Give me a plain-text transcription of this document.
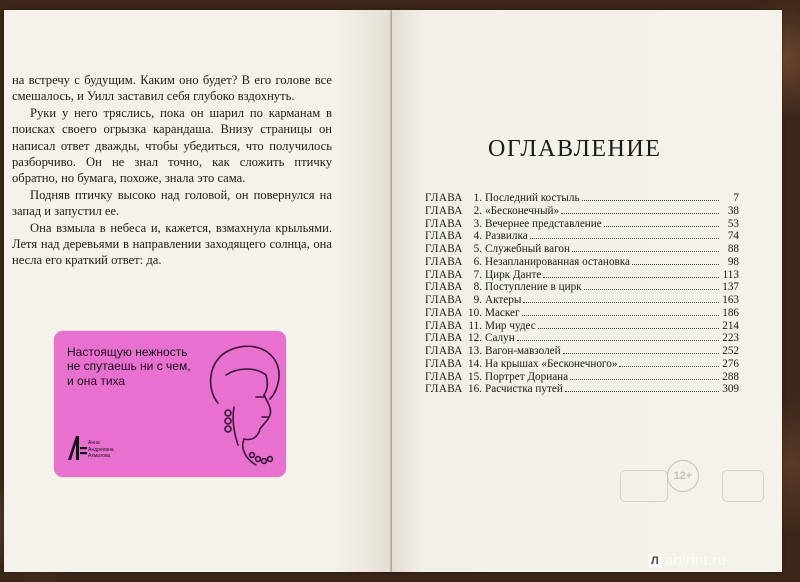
на встречу с будущим. Каким оно будет? В его голове все смешалось, и Уилл заставил себя глубоко вздохнуть.

Руки у него тряслись, пока он шарил по карманам в поисках своего огрызка карандаша. Внизу страницы он написал ответ дважды, чтобы убедиться, что получилось разборчиво. Он не знал точно, как сложить птичку обратно, но бумага, похоже, знала это сама.

Подняв птичку высоко над головой, он повернулся на запад и запустил ее.

Она взмыла в небеса и, кажется, взмахнула крыльями. Летя над деревьями в направлении заходящего солнца, она несла его краткий ответ: да.

ОГЛАВЛЕНИЕ
ГЛАВА 1. Последний костыль	7
ГЛАВА 2. «Бесконечный»	38
ГЛАВА 3. Вечернее представление	53
ГЛАВА 4. Развилка	74
ГЛАВА 5. Служебный вагон	88
ГЛАВА 6. Незапланированная остановка	98
ГЛАВА 7. Цирк Данте	113
ГЛАВА 8. Поступление в цирк	137
ГЛАВА 9. Актеры	163
ГЛАВА 10. Маскег	186
ГЛАВА 11. Мир чудес	214
ГЛАВА 12. Салун	223
ГЛАВА 13. Вагон-мавзолей	252
ГЛАВА 14. На крышах «Бесконечного»	276
ГЛАВА 15. Портрет Дориана	288
ГЛАВА 16. Расчистка путей	309
12+

Настоящую нежность не спутаешь ни с чем, и она тиха

Анна
Андреевна
Ахматова
Л abirint.ru
